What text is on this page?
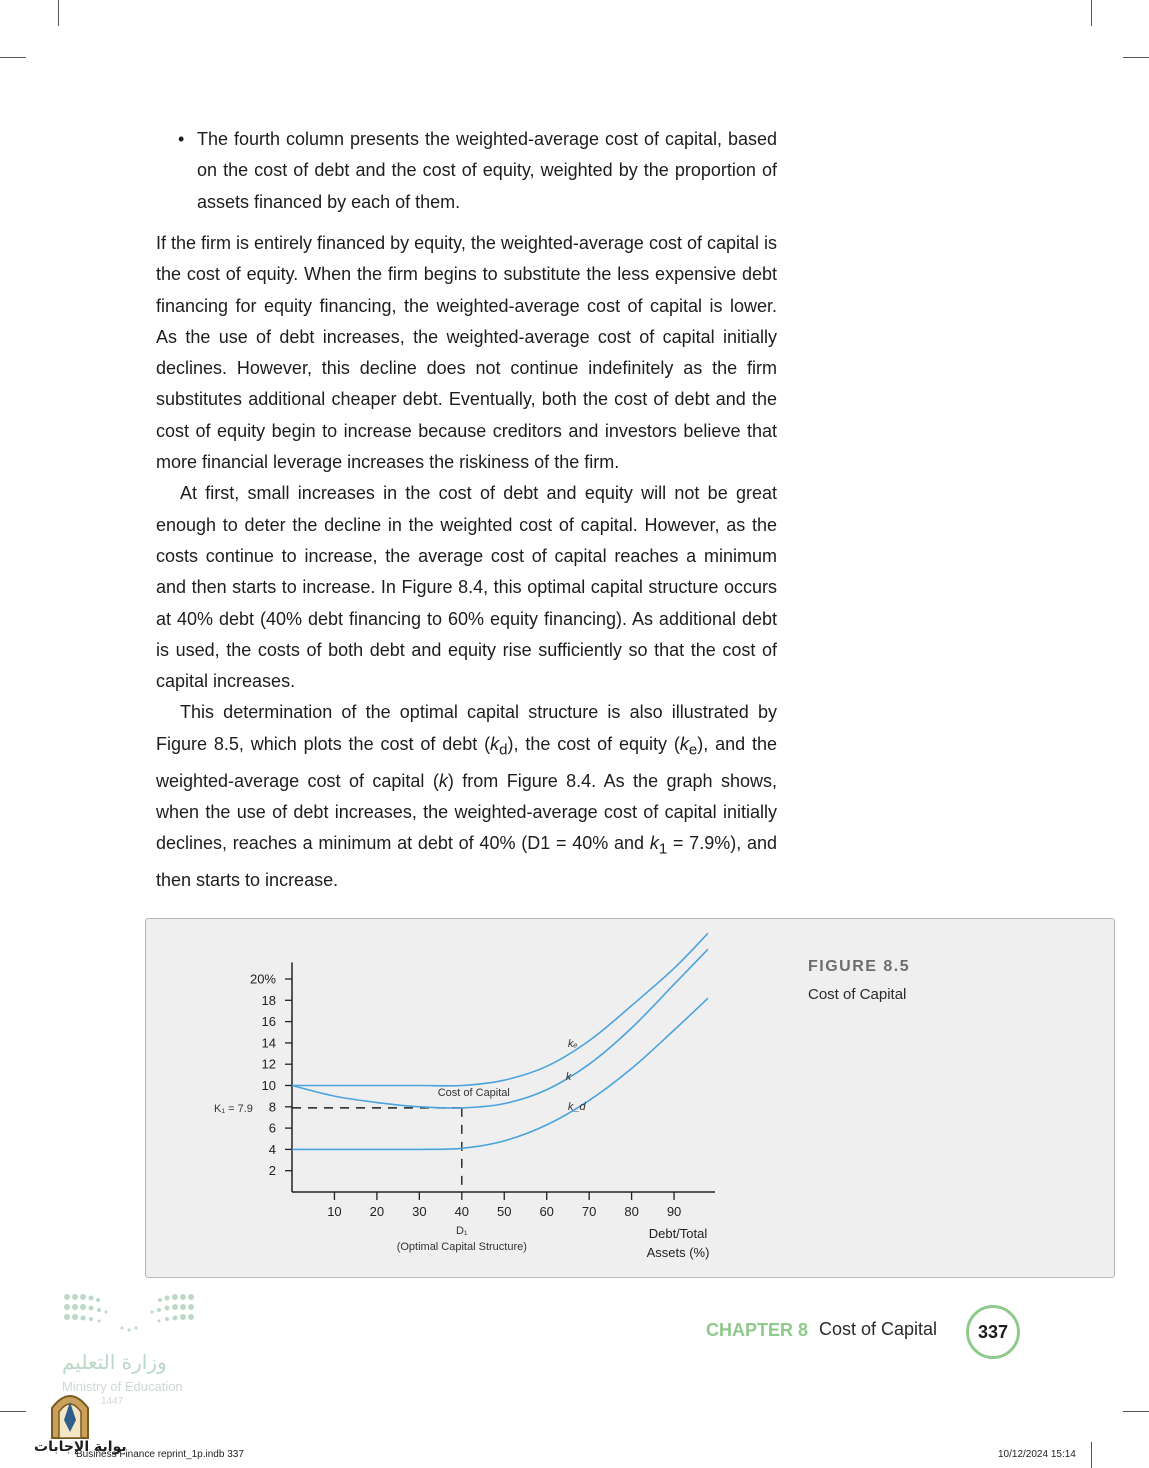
• The fourth column presents the weighted-average cost of capital, based on the cost of debt and the cost of equity, weighted by the proportion of assets financed by each of them.

If the firm is entirely financed by equity, the weighted-average cost of capital is the cost of equity. When the firm begins to substitute the less expensive debt financing for equity financing, the weighted-average cost of capital is lower. As the use of debt increases, the weighted-average cost of capital initially declines. However, this decline does not continue indefinitely as the firm substitutes additional cheaper debt. Eventually, both the cost of debt and the cost of equity begin to increase because creditors and investors believe that more financial leverage increases the riskiness of the firm.

At first, small increases in the cost of debt and equity will not be great enough to deter the decline in the weighted cost of capital. However, as the costs continue to increase, the average cost of capital reaches a minimum and then starts to increase. In Figure 8.4, this optimal capital structure occurs at 40% debt (40% debt financing to 60% equity financing). As additional debt is used, the costs of both debt and equity rise sufficiently so that the cost of capital increases.

This determination of the optimal capital structure is also illustrated by Figure 8.5, which plots the cost of debt $(k_d)$, the cost of equity $(k_e)$, and the weighted-average cost of capital (k) from Figure 8.4. As the graph shows, when the use of debt increases, the weighted-average cost of capital initially declines, reaches a minimum at debt of 40% (D1 = 40% and $k_1 = 7.9\%$), and then starts to increase.

FIGURE 8.5
Cost of Capital
20%
18
16
14
12
10
8
6
4
2
10 20 30 40 50 60 70 80 90
kₑ
k
k_d
Cost of Capital
K₁ = 7.9
D₁
(Optimal Capital Structure)
Debt/Total
Assets (%)
CHAPTER 8 Cost of Capital	337
وزارة التعليم
Ministry of Education
1447
بوابة الإجابات
Business Finance reprint_1p.indb 337	10/12/2024 15:14
